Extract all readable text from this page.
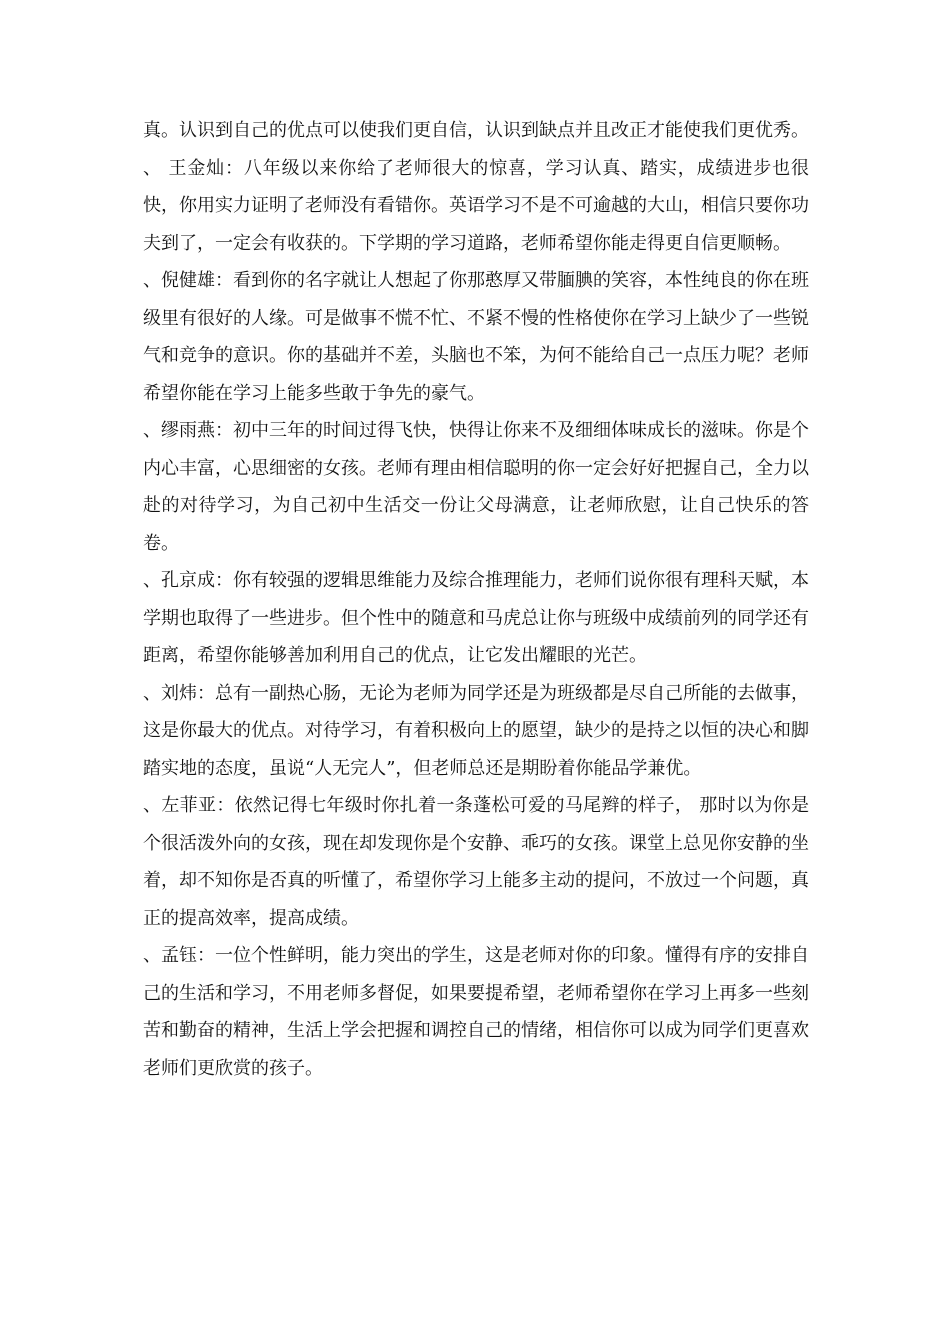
真。认识到自己的优点可以使我们更自信，认识到缺点并且改正才能使我们更优秀。

、 王金灿：八年级以来你给了老师很大的惊喜，学习认真、踏实，成绩进步也很快，你用实力证明了老师没有看错你。英语学习不是不可逾越的大山，相信只要你功夫到了，一定会有收获的。下学期的学习道路，老师希望你能走得更自信更顺畅。

、倪健雄：看到你的名字就让人想起了你那憨厚又带腼腆的笑容，本性纯良的你在班级里有很好的人缘。可是做事不慌不忙、不紧不慢的性格使你在学习上缺少了一些锐气和竞争的意识。你的基础并不差，头脑也不笨，为何不能给自己一点压力呢？老师希望你能在学习上能多些敢于争先的豪气。

、缪雨燕：初中三年的时间过得飞快，快得让你来不及细细体味成长的滋味。你是个内心丰富，心思细密的女孩。老师有理由相信聪明的你一定会好好把握自己，全力以赴的对待学习，为自己初中生活交一份让父母满意，让老师欣慰，让自己快乐的答卷。

、孔京成：你有较强的逻辑思维能力及综合推理能力，老师们说你很有理科天赋，本学期也取得了一些进步。但个性中的随意和马虎总让你与班级中成绩前列的同学还有距离，希望你能够善加利用自己的优点，让它发出耀眼的光芒。

、刘炜：总有一副热心肠，无论为老师为同学还是为班级都是尽自己所能的去做事，这是你最大的优点。对待学习，有着积极向上的愿望，缺少的是持之以恒的决心和脚踏实地的态度，虽说“人无完人”，但老师总还是期盼着你能品学兼优。

、左菲亚：依然记得七年级时你扎着一条蓬松可爱的马尾辫的样子， 那时以为你是个很活泼外向的女孩，现在却发现你是个安静、乖巧的女孩。课堂上总见你安静的坐着，却不知你是否真的听懂了，希望你学习上能多主动的提问，不放过一个问题，真正的提高效率，提高成绩。

、孟钰：一位个性鲜明，能力突出的学生，这是老师对你的印象。懂得有序的安排自己的生活和学习，不用老师多督促，如果要提希望，老师希望你在学习上再多一些刻苦和勤奋的精神，生活上学会把握和调控自己的情绪，相信你可以成为同学们更喜欢老师们更欣赏的孩子。
